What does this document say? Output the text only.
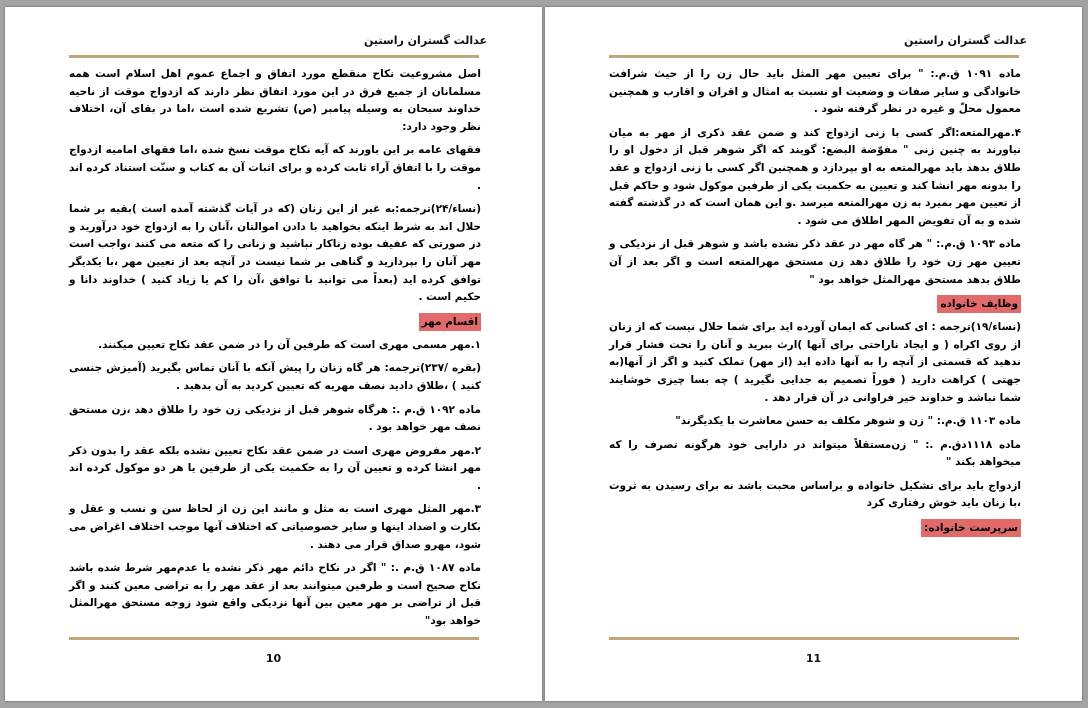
عدالت گستران راستین

اصل مشروعیت نکاح منقطع مورد اتفاق و اجماع عموم اهل اسلام است همه مسلمانان از جمیع فرق در این مورد اتفاق نظر دارند که ازدواج موقت از ناحیه خداوند سبحان به وسیله پیامبر (ص) تشریع شده است ،اما در بقای آن، اختلاف نظر وجود دارد:

فقهای عامه بر این باورند که آیه نکاح موقت نسخ شده ،اما فقهای امامیه ازدواج موقت را با اتفاق آراء ثابت کرده و برای اثبات آن به کتاب و سنّت استناد کرده اند .

(نساء/۲۴)ترجمه:به غیر از این زنان (که در آیات گذشته آمده است )بقیه بر شما حلال اند به شرط اینکه بخواهید با دادن اموالتان ،آنان را به ازدواج خود درآورید و در صورتی که عفیف بوده زناکار نباشید و زنانی را که متعه می کنند ،واجب است مهر آنان را بپردازید و گناهی بر شما نیست در آنچه بعد از تعیین مهر ،با یکدیگر توافق کرده اید (بعداً می توانید با توافق ،آن را کم یا زیاد کنید ) خداوند دانا و حکیم است .

اقسام مهر

۱.مهر مسمی مهری است که طرفین آن را در ضمن عقد نکاح تعیین میکنند.

(بقره /۲۳۷)ترجمه: هر گاه زنان را پیش آنکه با آنان تماس بگیرید (آمیزش جنسی کنید ) ،طلاق دادید نصف مهریه که تعیین کردید به آن بدهید .

ماده ۱۰۹۲ ق.م .: هرگاه شوهر قبل از نزدیکی زن خود را طلاق دهد ،زن مستحق نصف مهر خواهد بود .

۲.مهر مفروض مهری است در ضمن عقد نکاح تعیین نشده بلکه عقد را بدون ذکر مهر انشا کرده و تعیین آن را به حکمیت یکی از طرفین یا هر دو موکول کرده اند .

۳.مهر المثل مهری است به مثل و مانند این زن از لحاظ سن و نسب و عقل و بکارت و اضداد اینها و سایر خصوصیاتی که اختلاف آنها موجب اختلاف اغراض می شود، مهرو صداق قرار می دهند .

ماده ۱۰۸۷ ق.م .: " اگر در نکاح دائم مهر ذکر نشده یا عدم‌مهر شرط شده باشد نکاح صحیح است و طرفین میتوانند بعد از عقد مهر را به تراضی معین کنند و اگر قبل از تراضی بر مهر معین بین آنها نزدیکی واقع شود زوجه مستحق مهرالمثل خواهد بود"

10
عدالت گستران راستین

ماده ۱۰۹۱ ق.م.: " برای تعیین مهر المثل باید حال زن را از حیث شرافت خانوادگی و سایر صفات و وضعیت او نسبت به امثال و اقران و اقارب و همچنین معمول محلّ و غیره در نظر گرفته شود .

۴.مهرالمتعه:اگر کسی با زنی ازدواج کند و ضمن عقد ذکری از مهر به میان نیاورند به چنین زنی " مفوّضة البضع: گویند که اگر شوهر قبل از دخول او را طلاق بدهد باید مهرالمتعه به او بپردازد و همچنین اگر کسی با زنی ازدواج و عقد را بدونه مهر انشا کند و تعیین به حکمیت یکی از طرفین موکول شود و حاکم قبل از تعیین مهر بمیرد به زن مهرالمتعه میرسد .و این همان است که در گذشته گفته شده و به آن تفویض المهر اطلاق می شود .

ماده ۱۰۹۳ ق.م.: " هر گاه مهر در عقد ذکر نشده باشد و شوهر قبل از نزدیکی و تعیین مهر زن خود را طلاق دهد زن مستحق مهرالمتعه است و اگر بعد از آن طلاق بدهد مستحق مهرالمثل خواهد بود "

وظایف خانواده

(نساء/۱۹)ترجمه : ای کسانی که ایمان آورده اید برای شما حلال نیست که از زنان از روی اکراه ( و ایجاد ناراحتی برای آنها )ارث ببرید و آنان را تحت فشار قرار ندهید که قسمتی از آنچه را به آنها داده اید (از مهر) تملک کنید و اگر از آنها(به جهتی ) کراهت دارید ( فوراً تصمیم به جدایی نگیرید ) چه بسا چیزی خوشایند شما نباشد و خداوند خیر فراوانی در آن قرار دهد .

ماده ۱۱۰۳ ق.م.: " زن و شوهر مکلف به حسن معاشرت با یکدیگرند"

ماده ۱۱۱۸دق.م .: " زن‌مستقلاً میتواند در دارایی خود هرگونه تصرف را که میخواهد بکند "

ازدواج باید برای تشکیل خانواده و براساس محبت باشد نه برای رسیدن به ثروت ،با زنان باید خوش رفتاری کرد

سرپرست خانواده:
11
